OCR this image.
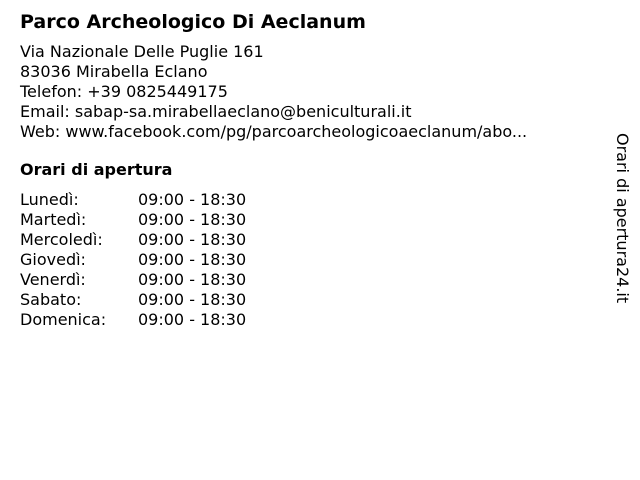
Parco Archeologico Di Aeclanum
Via Nazionale Delle Puglie 161
83036 Mirabella Eclano
Telefon: +39 0825449175
Email: sabap-sa.mirabellaeclano@beniculturali.it
Web: www.facebook.com/pg/parcoarcheologicoaeclanum/abo...
Orari di apertura
Lunedì:	09:00 - 18:30
Martedì:	09:00 - 18:30
Mercoledì:	09:00 - 18:30
Giovedì:	09:00 - 18:30
Venerdì:	09:00 - 18:30
Sabato:	09:00 - 18:30
Domenica:	09:00 - 18:30
Orari di apertura24.it
